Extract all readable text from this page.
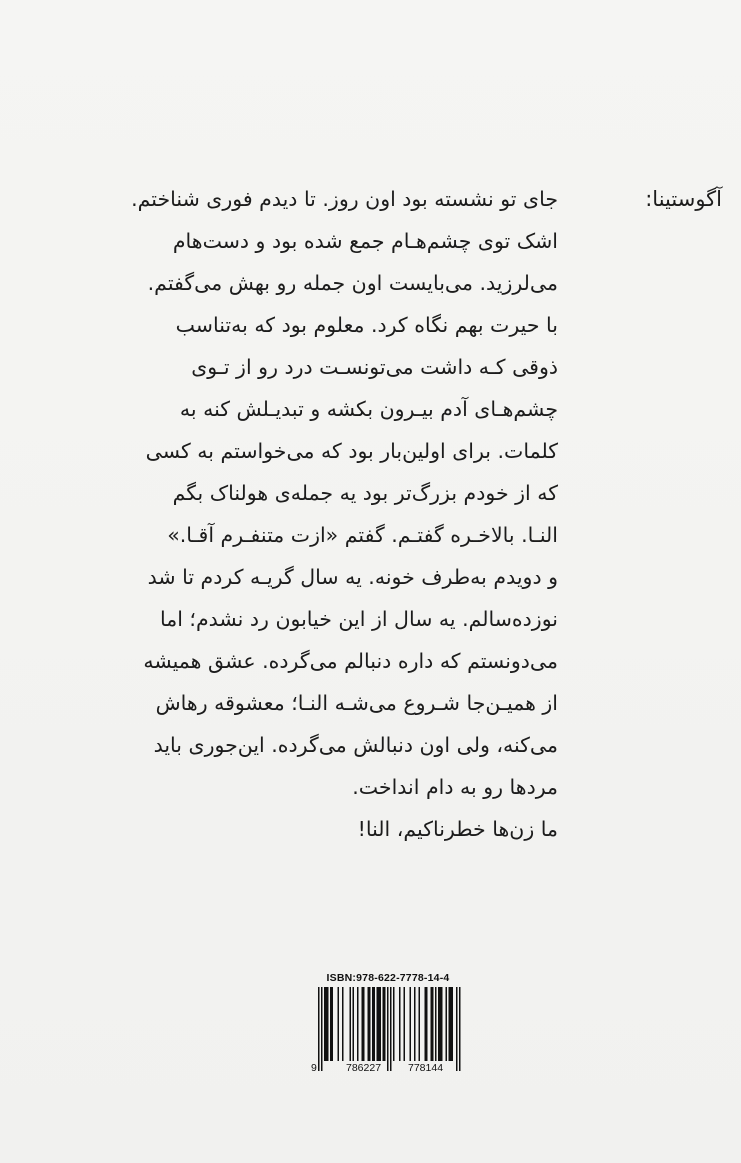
آگوستینا:
جای تو نشسته بود اون روز. تا دیدم فوری شناختم.
اشک توی چشم‌هـام جمع شده بود و دست‌هام
می‌لرزید. می‌بایست اون جمله رو بهش می‌گفتم.
با حیرت بهم نگاه کرد. معلوم بود که به‌تناسب
ذوقی کـه داشت می‌تونسـت درد رو از تـوی
چشم‌هـای آدم بیـرون بکشه و تبدیـلش کنه به
کلمات. برای اولین‌بار بود که می‌خواستم به کسی
که از خودم بزرگ‌تر بود یه جمله‌ی هولناک بگم
النـا. بالاخـره گفتـم. گفتم «ازت متنفـرم آقـا.»
و دویدم به‌طرف خونه. یه سال گریـه کردم تا شد
نوزده‌سالم. یه سال از این خیابون رد نشدم؛ اما
می‌دونستم که داره دنبالم می‌گرده. عشق همیشه
از همیـن‌جا شـروع می‌شـه النـا؛ معشوقه رهاش
می‌کنه، ولی اون دنبالش می‌گرده. این‌جوری باید
مردها رو به دام انداخت.
ما زن‌ها خطرناکیم، النا!
ISBN:978-622-7778-14-4
9	786227	778144
